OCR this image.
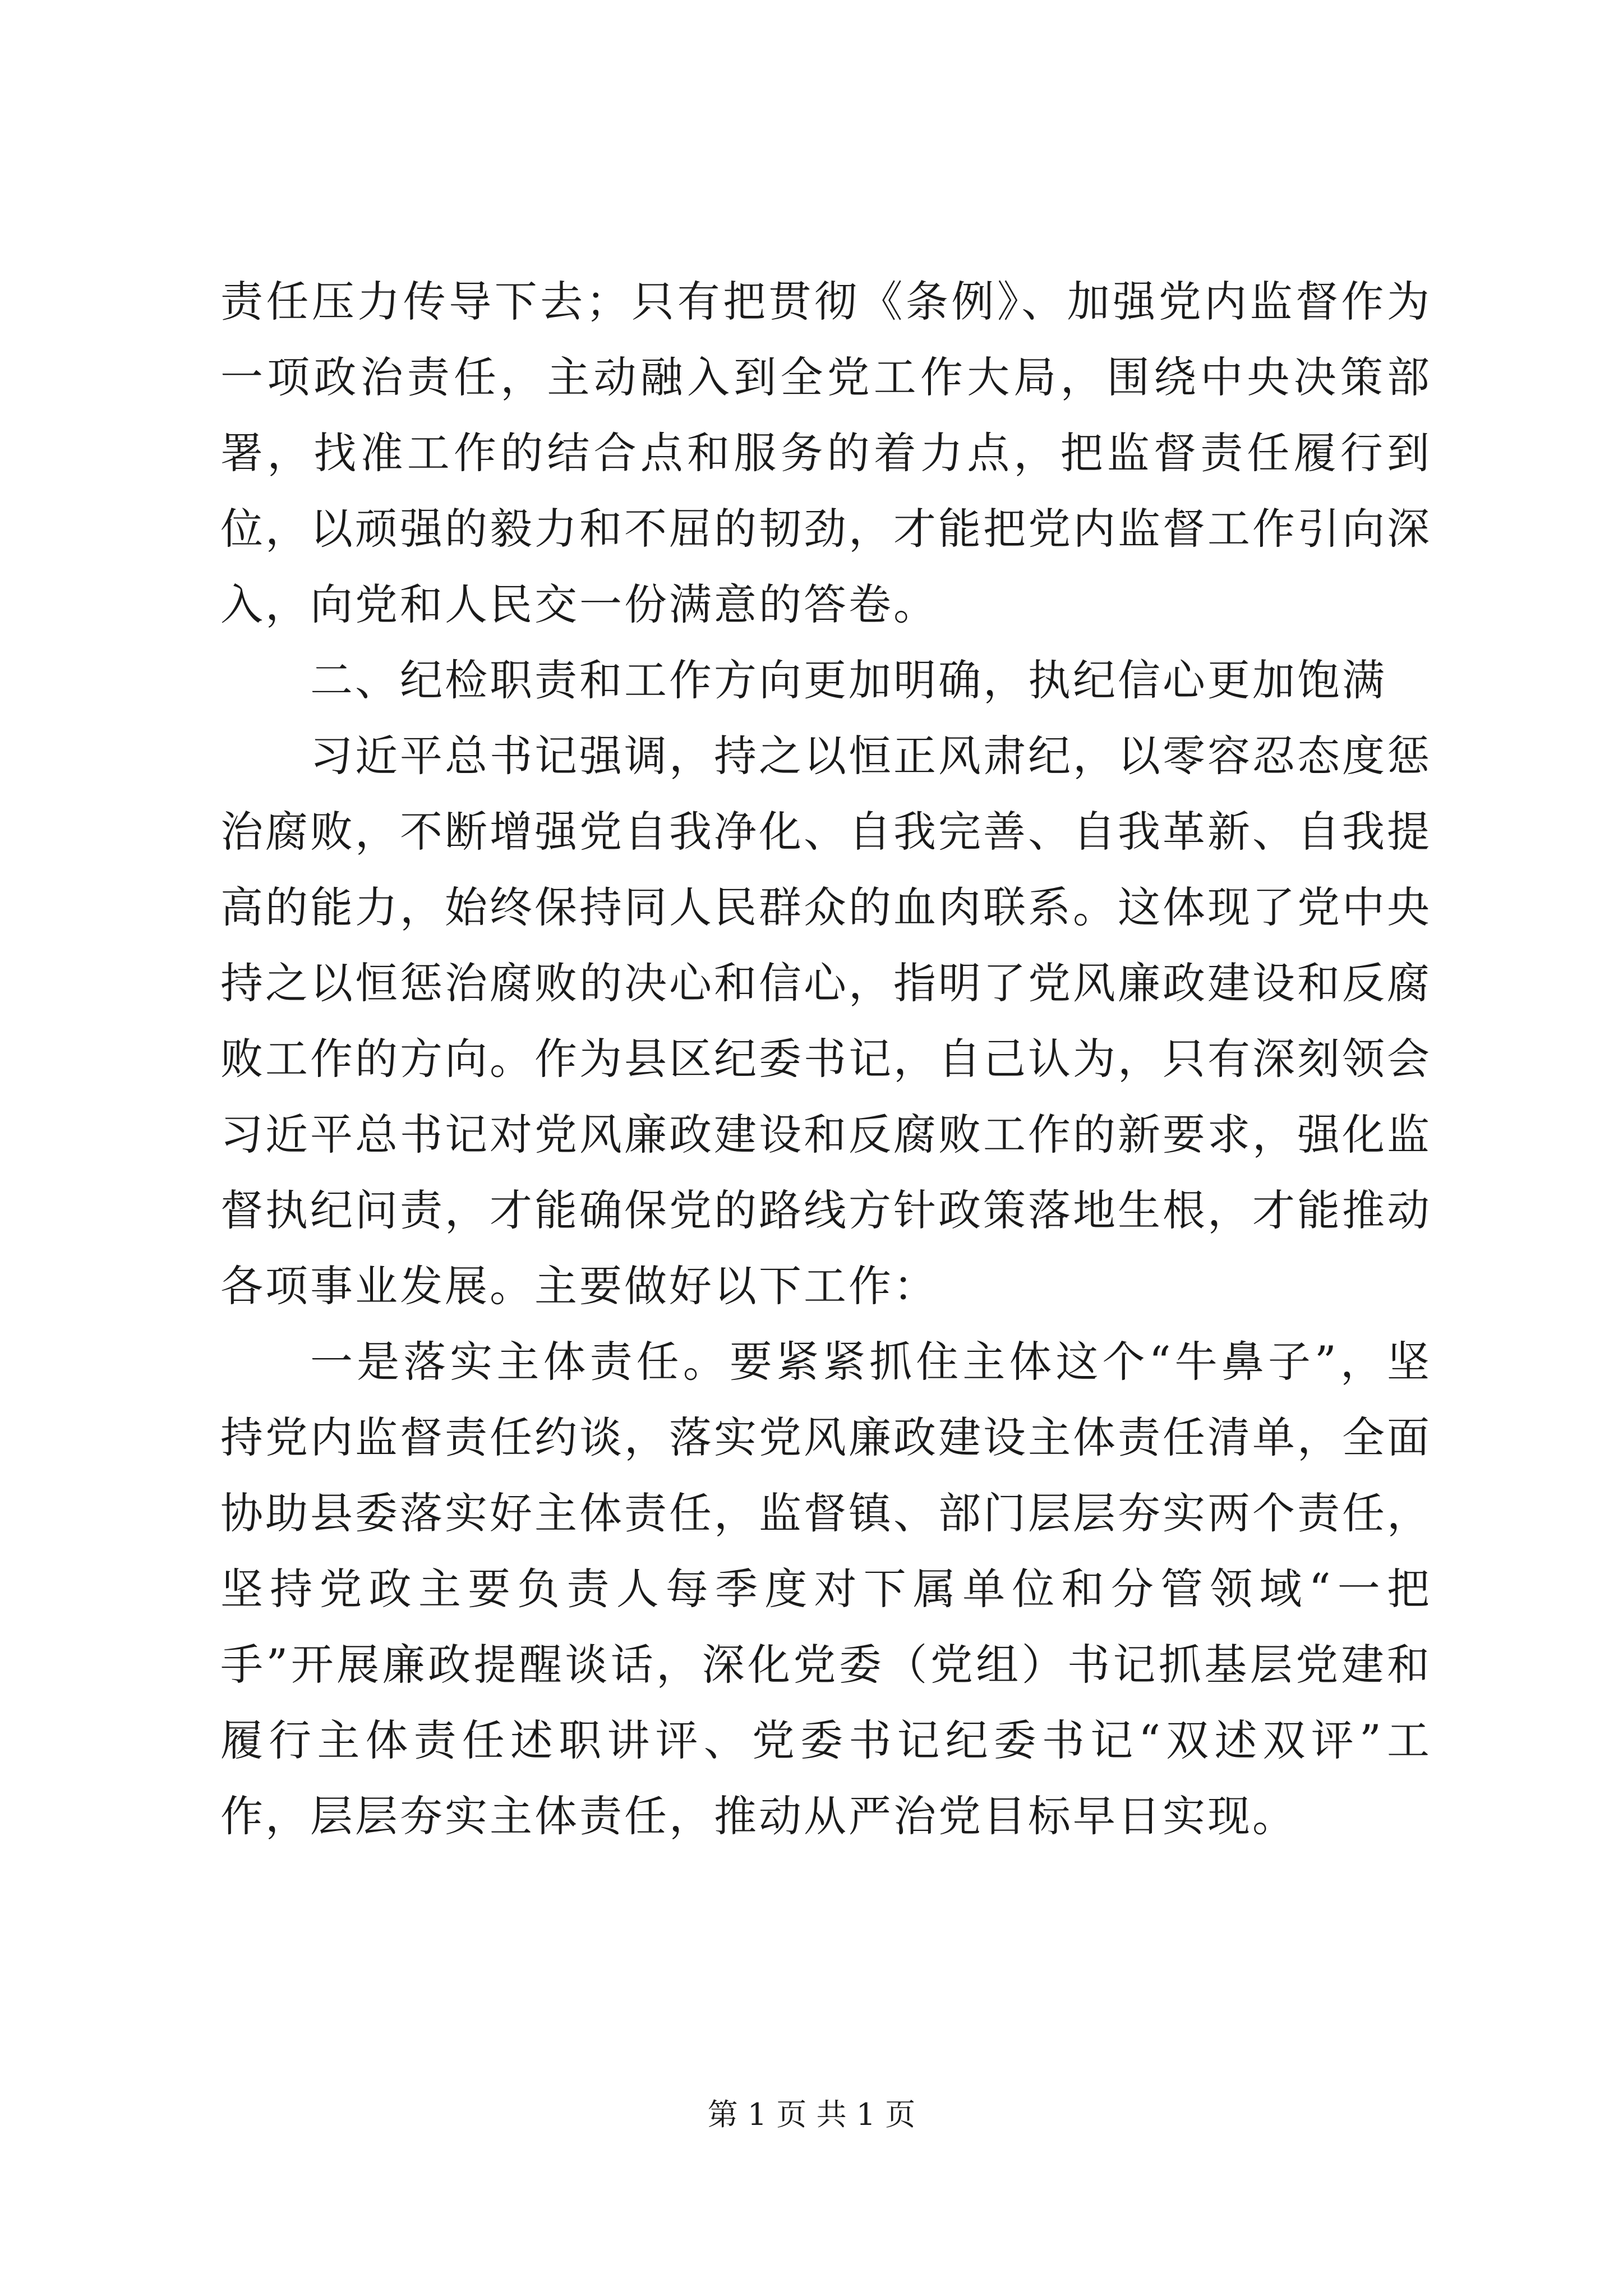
责任压力传导下去；只有把贯彻《条例》、加强党内监督作为一项政治责任，主动融入到全党工作大局，围绕中央决策部署，找准工作的结合点和服务的着力点，把监督责任履行到位，以顽强的毅力和不屈的韧劲，才能把党内监督工作引向深入，向党和人民交一份满意的答卷。

二、纪检职责和工作方向更加明确，执纪信心更加饱满

习近平总书记强调，持之以恒正风肃纪，以零容忍态度惩治腐败，不断增强党自我净化、自我完善、自我革新、自我提高的能力，始终保持同人民群众的血肉联系。这体现了党中央持之以恒惩治腐败的决心和信心，指明了党风廉政建设和反腐败工作的方向。作为县区纪委书记，自己认为，只有深刻领会习近平总书记对党风廉政建设和反腐败工作的新要求，强化监督执纪问责，才能确保党的路线方针政策落地生根，才能推动各项事业发展。主要做好以下工作：

一是落实主体责任。要紧紧抓住主体这个“牛鼻子”，坚持党内监督责任约谈，落实党风廉政建设主体责任清单，全面协助县委落实好主体责任，监督镇、部门层层夯实两个责任，坚持党政主要负责人每季度对下属单位和分管领域“一把手”开展廉政提醒谈话，深化党委（党组）书记抓基层党建和履行主体责任述职讲评、党委书记纪委书记“双述双评”工作，层层夯实主体责任，推动从严治党目标早日实现。

第 1 页 共 1 页
